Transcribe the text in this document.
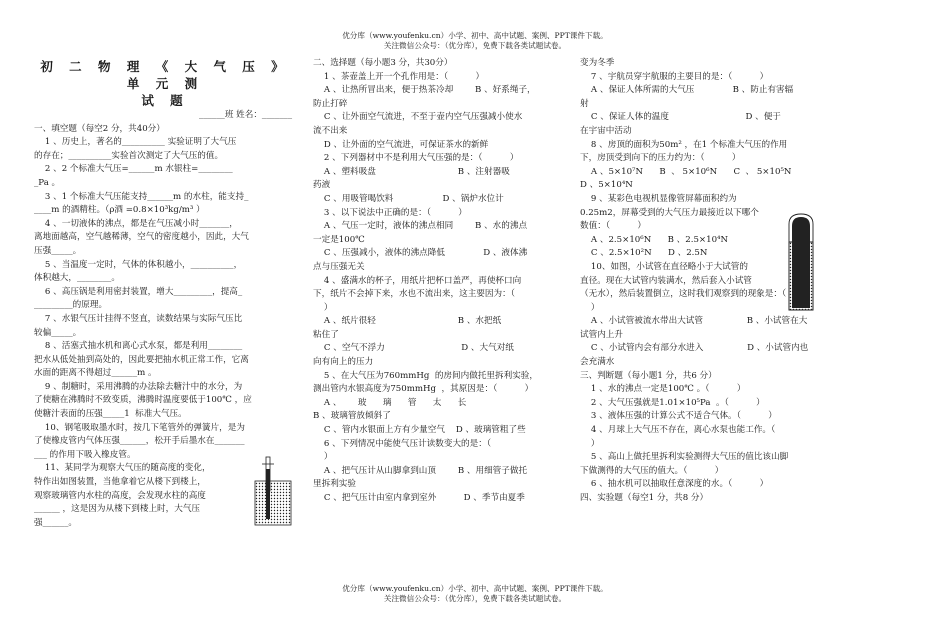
优分库（www.youfenku.cn）小学、初中、高中试题、案例、PPT课件下载。
关注微信公众号：（优分库），免费下载各类试题试卷。

初 二 物 理 《 大 气 压 》 单 元 测

试 题

______班 姓名：_______

一、填空题（每空2 分，共40分）

1 、历史上，著名的__________ 实验证明了大气压

的存在；__________实验首次测定了大气压的值。

2 、2 个标准大气压=______m 水银柱=________

_Pa 。

3 、1 个标准大气压能支持______m 的水柱，能支持_

____m 的酒精柱。（ρ酒 =0.8×10³kg/m³ ）

4 、一切液体的沸点，都是在气压减小时_______，

离地面越高，空气越稀薄，空气的密度越小，因此，大气

压强_____。

5 、当温度一定时，气体的体积越小，__________，

体积越大，________。

6 、高压锅是利用密封装置，增大_________，提高_

_________的原理。

7 、水银气压计挂得不竖直，读数结果与实际气压比

较偏_____。

8 、活塞式抽水机和离心式水泵，都是利用________

把水从低处抽到高处的，因此要把抽水机正常工作，它离

水面的距离不得超过______m 。

9 、制糖时，采用沸腾的办法除去糖汁中的水分，为

了使糖在沸腾时不致变质，沸腾时温度要低于100℃ ，应

使糖汁表面的压强_____1  标准大气压。

10、钢笔吸取墨水时，按几下笔管外的弹簧片，是为

了使橡皮管内气体压强______，松开手后墨水在_______

___ 的作用下吸入橡皮管。

11、某同学为观察大气压的随高度的变化，

特作出如图装置，当他拿着它从楼下到楼上，

观察玻璃管内水柱的高度，会发现水柱的高度

______ ，这是因为从楼下到楼上时，大气压

强______。

二、选择题（每小题3 分，共30分）

1 、茶壶盖上开一个孔作用是：（          ）

A 、让热所冒出来，便于热茶冷却        B 、好系绳子，

防止打碎

C 、让外面空气流进，不至于壶内空气压强减小使水

流不出来

D 、让外面的空气流进，可保证茶水的新鲜

2 、下列器材中不是利用大气压强的是：（          ）

A 、塑料吸盘                              B 、注射器吸

药液

C 、用吸管喝饮料                  D 、锅炉水位计

3 、以下说法中正确的是：（          ）

A 、气压一定时，液体的沸点相同        B 、水的沸点

一定是100℃

C 、压强减小，液体的沸点降低              D 、液体沸

点与压强无关

4 、盛满水的杯子，用纸片把杯口盖严，再使杯口向

下，纸片不会掉下来，水也不流出来，这主要因为：（

）

A 、纸片很轻                              B 、水把纸

粘住了

C 、空气不浮力                            D 、大气对纸

向有向上的压力

5 、在大气压为760mmHg  的房间内做托里拆利实验，

测出管内水银高度为750mmHg  ，其原因是：（          ）

A 、      玻      璃      管      太      长

B 、玻璃管放倾斜了

C 、管内水银面上方有少量空气    D 、玻璃管粗了些

6 、下列情况中能使气压计读数变大的是：（

）

A 、把气压计从山脚拿到山顶        B 、用细管子做托

里拆利实验

C 、把气压计由室内拿到室外          D 、季节由夏季

变为冬季

7 、宇航员穿宇航服的主要目的是：（          ）

A 、保证人体所需的大气压              B 、防止有害辐

射

C 、保证人体的温度                            D 、便于

在宇宙中活动

8 、房顶的面积为50m² ，在1 个标准大气压的作用

下，房顶受到向下的压力约为：（          ）

A 、5×10⁷N      B  、 5×10⁶N      C  、 5×10⁵N

D 、5×10⁴N

9 、某彩色电视机显像管屏幕面积约为

0.25m2，屏幕受到的大气压力最接近以下哪个

数值：（          ）

A 、2.5×10⁶N      B 、2.5×10⁴N

C 、2.5×10²N      D 、2.5N

10、如图，小试管在直径略小于大试管的

直径。现在大试管内装满水，然后套入小试管

（无水），然后装置倒立，这时我们观察到的现象是：（

）

A 、小试管被流水带出大试管                B 、小试管在大

试管内上升

C 、小试管内会有部分水进入                D 、小试管内也

会充满水

三、判断题（每小题1 分，共6 分）

1 、水的沸点一定是100℃ 。（          ）

2 、大气压强就是1.01×10⁵Pa  。（          ）

3 、液体压强的计算公式不适合气体。（          ）

4 、月球上大气压不存在，离心水泵也能工作。（

）

5 、高山上做托里拆利实验测得大气压的值比该山脚

下做测得的大气压的值大。（          ）

6 、抽水机可以抽取任意深度的水。（          ）

四、实验题（每空1 分，共8 分）

优分库（www.youfenku.cn）小学、初中、高中试题、案例、PPT课件下载。
关注微信公众号：（优分库），免费下载各类试题试卷。
